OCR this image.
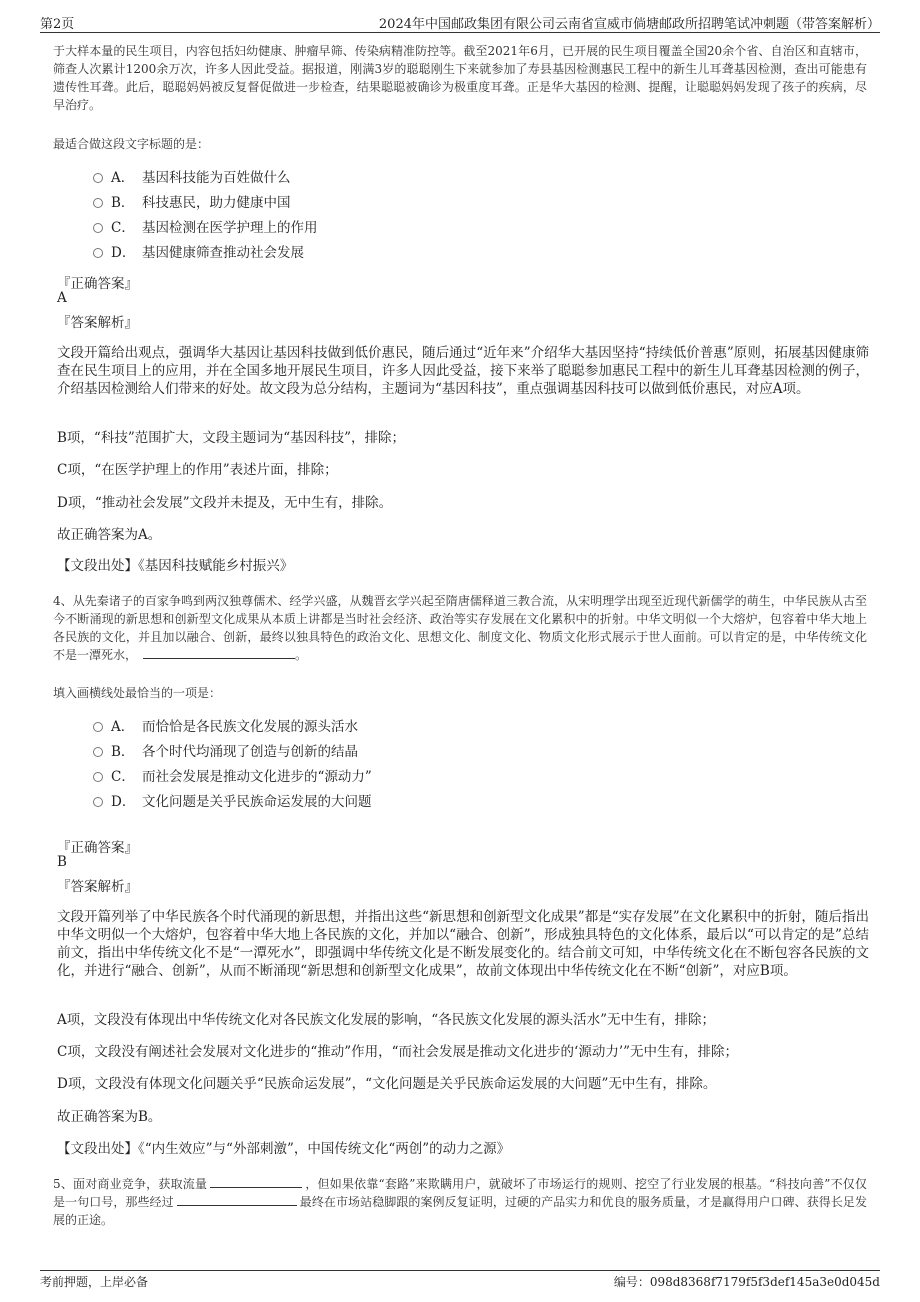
第2页	2024年中国邮政集团有限公司云南省宣威市倘塘邮政所招聘笔试冲刺题（带答案解析）

于大样本量的民生项目，内容包括妇幼健康、肿瘤早筛、传染病精准防控等。截至2021年6月，已开展的民生项目覆盖全国20余个省、自治区和直辖市，筛查人次累计1200余万次，许多人因此受益。据报道，刚满3岁的聪聪刚生下来就参加了寿县基因检测惠民工程中的新生儿耳聋基因检测，查出可能患有遗传性耳聋。此后，聪聪妈妈被反复督促做进一步检查，结果聪聪被确诊为极重度耳聋。正是华大基因的检测、提醒，让聪聪妈妈发现了孩子的疾病，尽早治疗。

最适合做这段文字标题的是：

A． 基因科技能为百姓做什么
B． 科技惠民，助力健康中国
C． 基因检测在医学护理上的作用
D． 基因健康筛查推动社会发展
『正确答案』
A
『答案解析』

文段开篇给出观点，强调华大基因让基因科技做到低价惠民，随后通过“近年来”介绍华大基因坚持“持续低价普惠”原则，拓展基因健康筛查在民生项目上的应用，并在全国多地开展民生项目，许多人因此受益，接下来举了聪聪参加惠民工程中的新生儿耳聋基因检测的例子，介绍基因检测给人们带来的好处。故文段为总分结构，主题词为“基因科技”，重点强调基因科技可以做到低价惠民，对应A项。

B项，“科技”范围扩大，文段主题词为“基因科技”，排除；

C项，“在医学护理上的作用”表述片面，排除；

D项，“推动社会发展”文段并未提及，无中生有，排除。

故正确答案为A。

【文段出处】《基因科技赋能乡村振兴》

4、从先秦诸子的百家争鸣到两汉独尊儒术、经学兴盛，从魏晋玄学兴起至隋唐儒释道三教合流，从宋明理学出现至近现代新儒学的萌生，中华民族从古至今不断涌现的新思想和创新型文化成果从本质上讲都是当时社会经济、政治等实存发展在文化累积中的折射。中华文明似一个大熔炉，包容着中华大地上各民族的文化，并且加以融合、创新，最终以独具特色的政治文化、思想文化、制度文化、物质文化形式展示于世人面前。可以肯定的是，中华传统文化不是一潭死水，	。

填入画横线处最恰当的一项是：

A． 而恰恰是各民族文化发展的源头活水
B． 各个时代均涌现了创造与创新的结晶
C． 而社会发展是推动文化进步的“源动力”
D． 文化问题是关乎民族命运发展的大问题
『正确答案』
B
『答案解析』

文段开篇列举了中华民族各个时代涌现的新思想，并指出这些“新思想和创新型文化成果”都是“实存发展”在文化累积中的折射，随后指出中华文明似一个大熔炉，包容着中华大地上各民族的文化，并加以“融合、创新”，形成独具特色的文化体系，最后以“可以肯定的是”总结前文，指出中华传统文化不是“一潭死水”，即强调中华传统文化是不断发展变化的。结合前文可知，中华传统文化在不断包容各民族的文化，并进行“融合、创新”，从而不断涌现“新思想和创新型文化成果”，故前文体现出中华传统文化在不断“创新”，对应B项。

A项，文段没有体现出中华传统文化对各民族文化发展的影响，“各民族文化发展的源头活水”无中生有，排除；

C项，文段没有阐述社会发展对文化进步的“推动”作用，“而社会发展是推动文化进步的‘源动力’”无中生有，排除；

D项，文段没有体现文化问题关乎“民族命运发展”，“文化问题是关乎民族命运发展的大问题”无中生有，排除。

故正确答案为B。

【文段出处】《“内生效应”与“外部刺激”，中国传统文化“两创”的动力之源》

5、面对商业竞争，获取流量	，但如果依靠“套路”来欺瞒用户，就破坏了市场运行的规则、挖空了行业发展的根基。“科技向善”不仅仅是一句口号，那些经过	最终在市场站稳脚跟的案例反复证明，过硬的产品实力和优良的服务质量，才是赢得用户口碑、获得长足发展的正途。

考前押题，上岸必备	编号：098d8368f7179f5f3def145a3e0d045d
